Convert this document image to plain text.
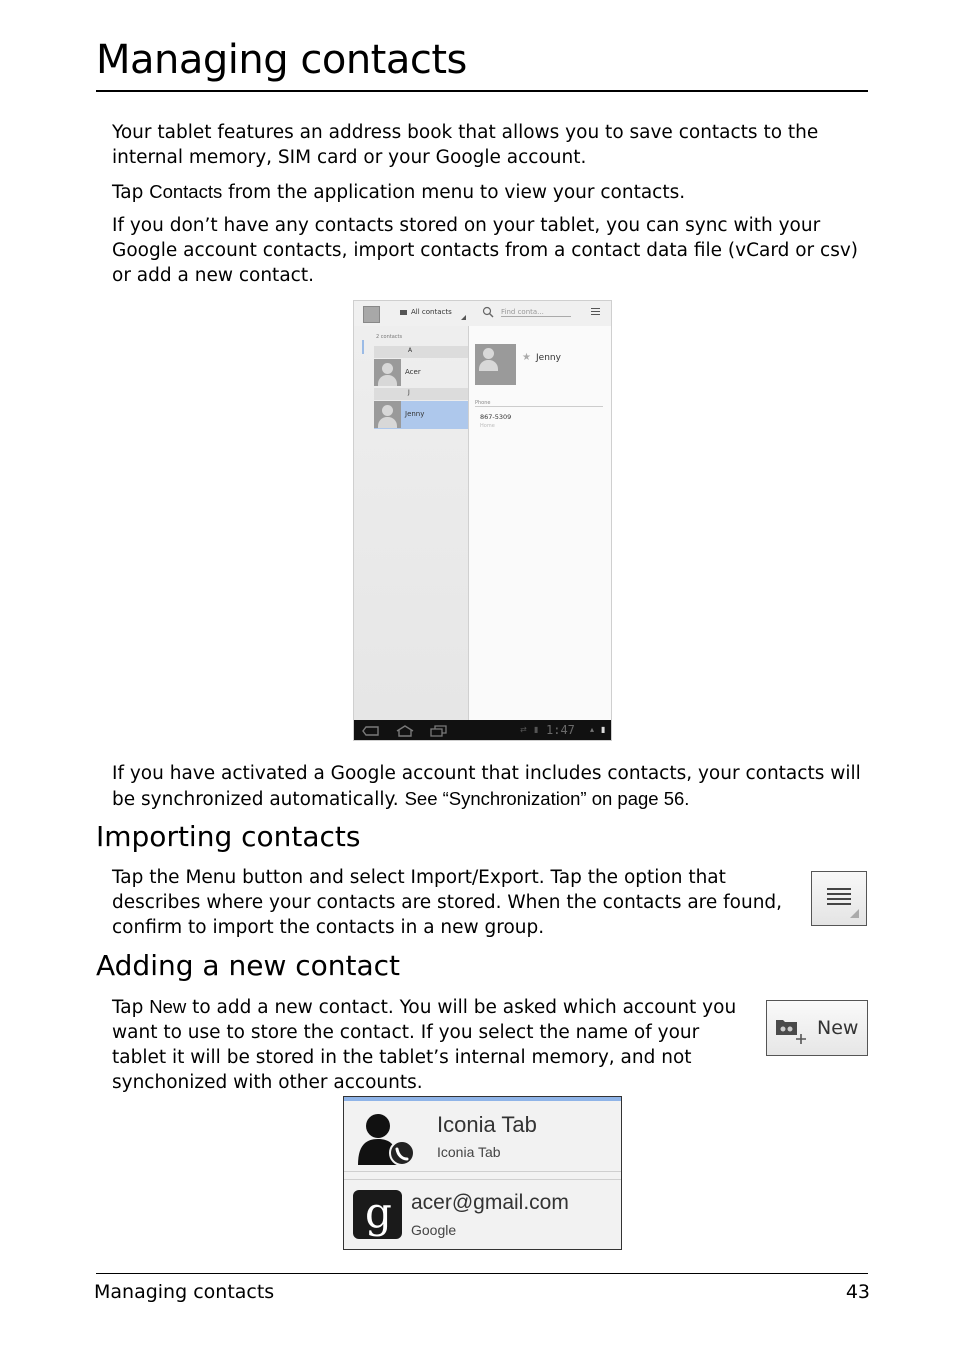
Managing contacts

Your tablet features an address book that allows you to save contacts to the internal memory, SIM card or your Google account.

Tap Contacts from the application menu to view your contacts.

If you don’t have any contacts stored on your tablet, you can sync with your Google account contacts, import contacts from a contact data file (vCard or csv) or add a new contact.

All contacts	Find conta...
2 contacts
A
Acer
J
Jenny
★ Jenny
Phone
867-5309
Home
⇄ ▮ 1:47 ▴ ▮

If you have activated a Google account that includes contacts, your contacts will be synchronized automatically. See “Synchronization” on page 56.

Importing contacts

Tap the Menu button and select Import/Export. Tap the option that describes where your contacts are stored. When the contacts are found, confirm to import the contacts in a new group.

Adding a new contact

Tap New to add a new contact. You will be asked which account you want to use to store the contact. If you select the name of your tablet it will be stored in the tablet’s internal memory, and not synchonized with other accounts.

New
Iconia Tab
Iconia Tab
g acer@gmail.com
Google
Managing contacts	43
